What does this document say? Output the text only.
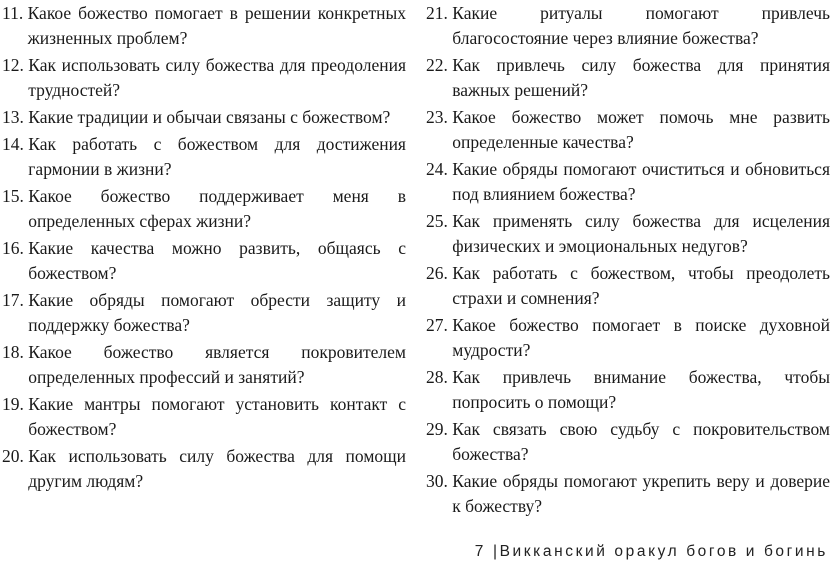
11.
Какое божество помогает в решении конкретных жизненных проблем?
12.
Как использовать силу божества для преодоления трудностей?
13.
Какие традиции и обычаи связаны с божеством?
14.
Как работать с божеством для достижения гармонии в жизни?
15.
Какое божество поддерживает меня в определенных сферах жизни?
16.
Какие качества можно развить, общаясь с божеством?
17.
Какие обряды помогают обрести защиту и поддержку божества?
18.
Какое божество является покровителем определенных профессий и занятий?
19.
Какие мантры помогают установить контакт с божеством?
20.
Как использовать силу божества для помощи другим людям?
21.
Какие ритуалы помогают привлечь благосостояние через влияние божества?
22.
Как привлечь силу божества для принятия важных решений?
23.
Какое божество может помочь мне развить определенные качества?
24.
Какие обряды помогают очиститься и обновиться под влиянием божества?
25.
Как применять силу божества для исцеления физических и эмоциональных недугов?
26.
Как работать с божеством, чтобы преодолеть страхи и сомнения?
27.
Какое божество помогает в поиске духовной мудрости?
28.
Как привлечь внимание божества, чтобы попросить о помощи?
29.
Как связать свою судьбу с покровительством божества?
30.
Какие обряды помогают укрепить веру и доверие к божеству?
7 |Викканский оракул богов и богинь
